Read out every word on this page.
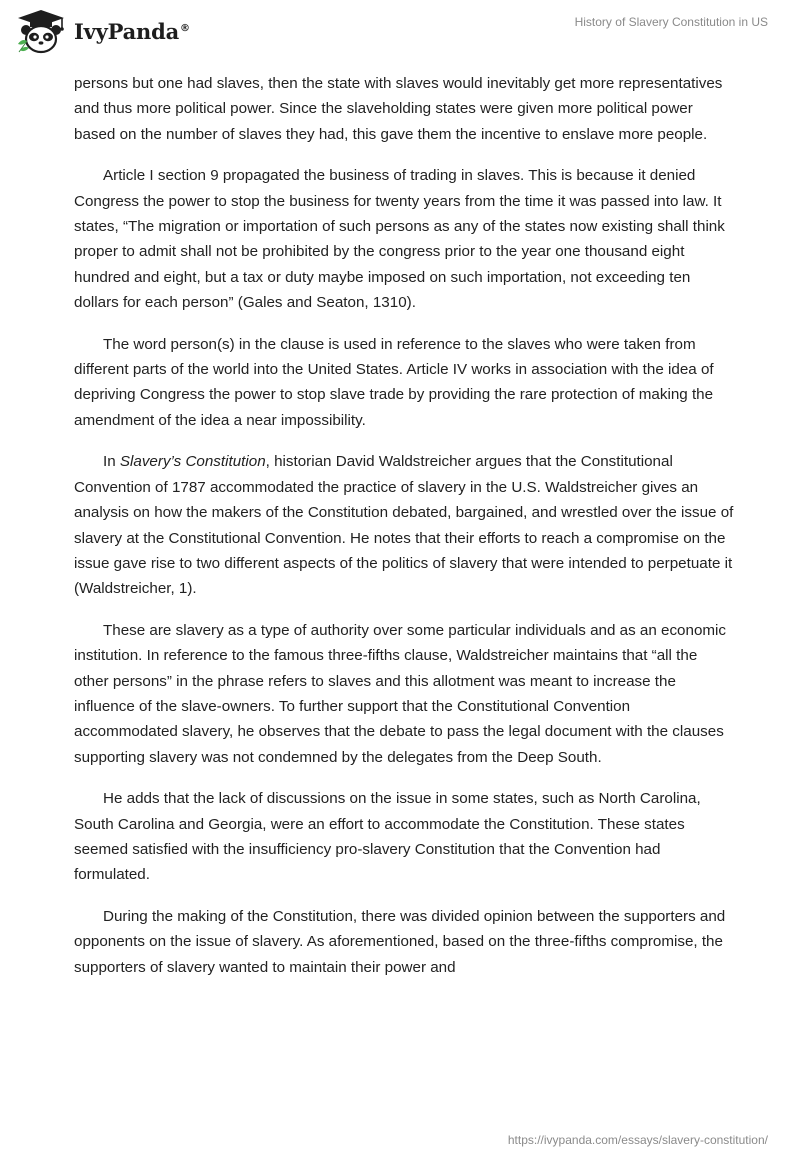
IvyPanda®	History of Slavery Constitution in US

persons but one had slaves, then the state with slaves would inevitably get more representatives and thus more political power. Since the slaveholding states were given more political power based on the number of slaves they had, this gave them the incentive to enslave more people.

Article I section 9 propagated the business of trading in slaves. This is because it denied Congress the power to stop the business for twenty years from the time it was passed into law. It states, “The migration or importation of such persons as any of the states now existing shall think proper to admit shall not be prohibited by the congress prior to the year one thousand eight hundred and eight, but a tax or duty maybe imposed on such importation, not exceeding ten dollars for each person” (Gales and Seaton, 1310).

The word person(s) in the clause is used in reference to the slaves who were taken from different parts of the world into the United States. Article IV works in association with the idea of depriving Congress the power to stop slave trade by providing the rare protection of making the amendment of the idea a near impossibility.

In Slavery’s Constitution, historian David Waldstreicher argues that the Constitutional Convention of 1787 accommodated the practice of slavery in the U.S. Waldstreicher gives an analysis on how the makers of the Constitution debated, bargained, and wrestled over the issue of slavery at the Constitutional Convention. He notes that their efforts to reach a compromise on the issue gave rise to two different aspects of the politics of slavery that were intended to perpetuate it (Waldstreicher, 1).

These are slavery as a type of authority over some particular individuals and as an economic institution. In reference to the famous three-fifths clause, Waldstreicher maintains that “all the other persons” in the phrase refers to slaves and this allotment was meant to increase the influence of the slave-owners. To further support that the Constitutional Convention accommodated slavery, he observes that the debate to pass the legal document with the clauses supporting slavery was not condemned by the delegates from the Deep South.

He adds that the lack of discussions on the issue in some states, such as North Carolina, South Carolina and Georgia, were an effort to accommodate the Constitution. These states seemed satisfied with the insufficiency pro-slavery Constitution that the Convention had formulated.

During the making of the Constitution, there was divided opinion between the supporters and opponents on the issue of slavery. As aforementioned, based on the three-fifths compromise, the supporters of slavery wanted to maintain their power and

https://ivypanda.com/essays/slavery-constitution/
